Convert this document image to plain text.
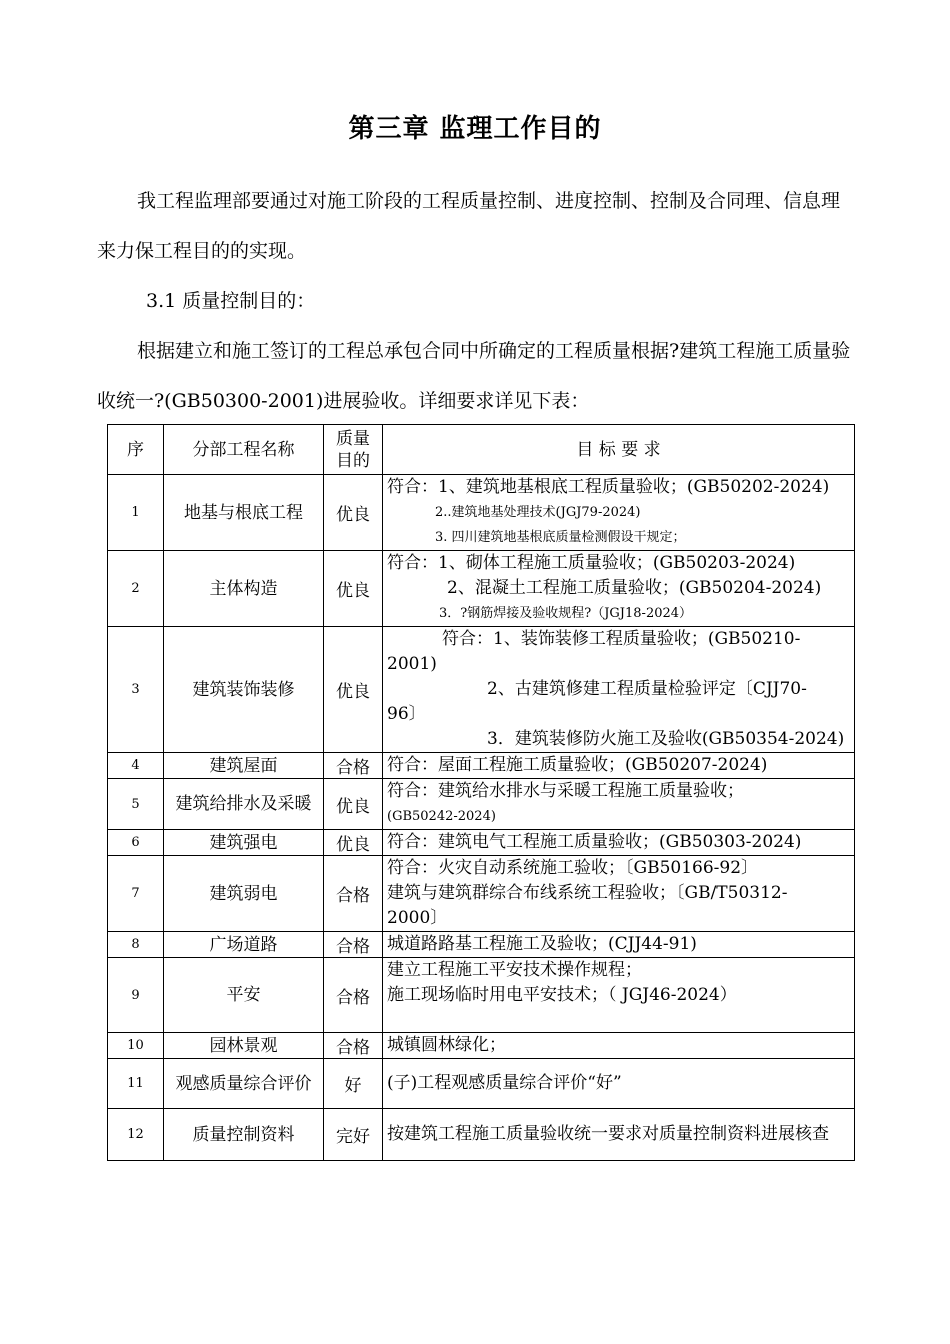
第三章 监理工作目的

我工程监理部要通过对施工阶段的工程质量控制、进度控制、控制及合同理、信息理来力保工程目的的实现。

3.1 质量控制目的：

根据建立和施工签订的工程总承包合同中所确定的工程质量根据?建筑工程施工质量验收统一?(GB50300-2001)进展验收。详细要求详见下表：

序	分部工程名称	质量目的	目 标 要 求
1	地基与根底工程	优良	符合：1、建筑地基根底工程质量验收；(GB50202-2024)
2..建筑地基处理技术(JGJ79-2024)
3. 四川建筑地基根底质量检测假设干规定；

2	主体构造	优良	符合：1、砌体工程施工质量验收；(GB50203-2024)
2、混凝土工程施工质量验收；(GB50204-2024)
3．?钢筋焊接及验收规程?（JGJ18-2024）

3	建筑装饰装修	优良	符合：1、装饰装修工程质量验收；(GB50210-
2001)
2、古建筑修建工程质量检验评定〔CJJ70-
96〕
3．建筑装修防火施工及验收(GB50354-2024)

4	建筑屋面	合格	符合：屋面工程施工质量验收；(GB50207-2024)

5	建筑给排水及采暖	优良	符合：建筑给水排水与采暖工程施工质量验收；
(GB50242-2024)

6	建筑强电	优良	符合：建筑电气工程施工质量验收；(GB50303-2024)

7	建筑弱电	合格	符合：火灾自动系统施工验收；〔GB50166-92〕
建筑与建筑群综合布线系统工程验收；〔GB/T50312-
2000〕

8	广场道路	合格	城道路路基工程施工及验收；(CJJ44-91)

9	平安	合格	建立工程施工平安技术操作规程；
施工现场临时用电平安技术；（ JGJ46-2024）

10	园林景观	合格	城镇圆林绿化；

11	观感质量综合评价	好	(子)工程观感质量综合评价“好”

12	质量控制资料	完好	按建筑工程施工质量验收统一要求对质量控制资料进展核查
